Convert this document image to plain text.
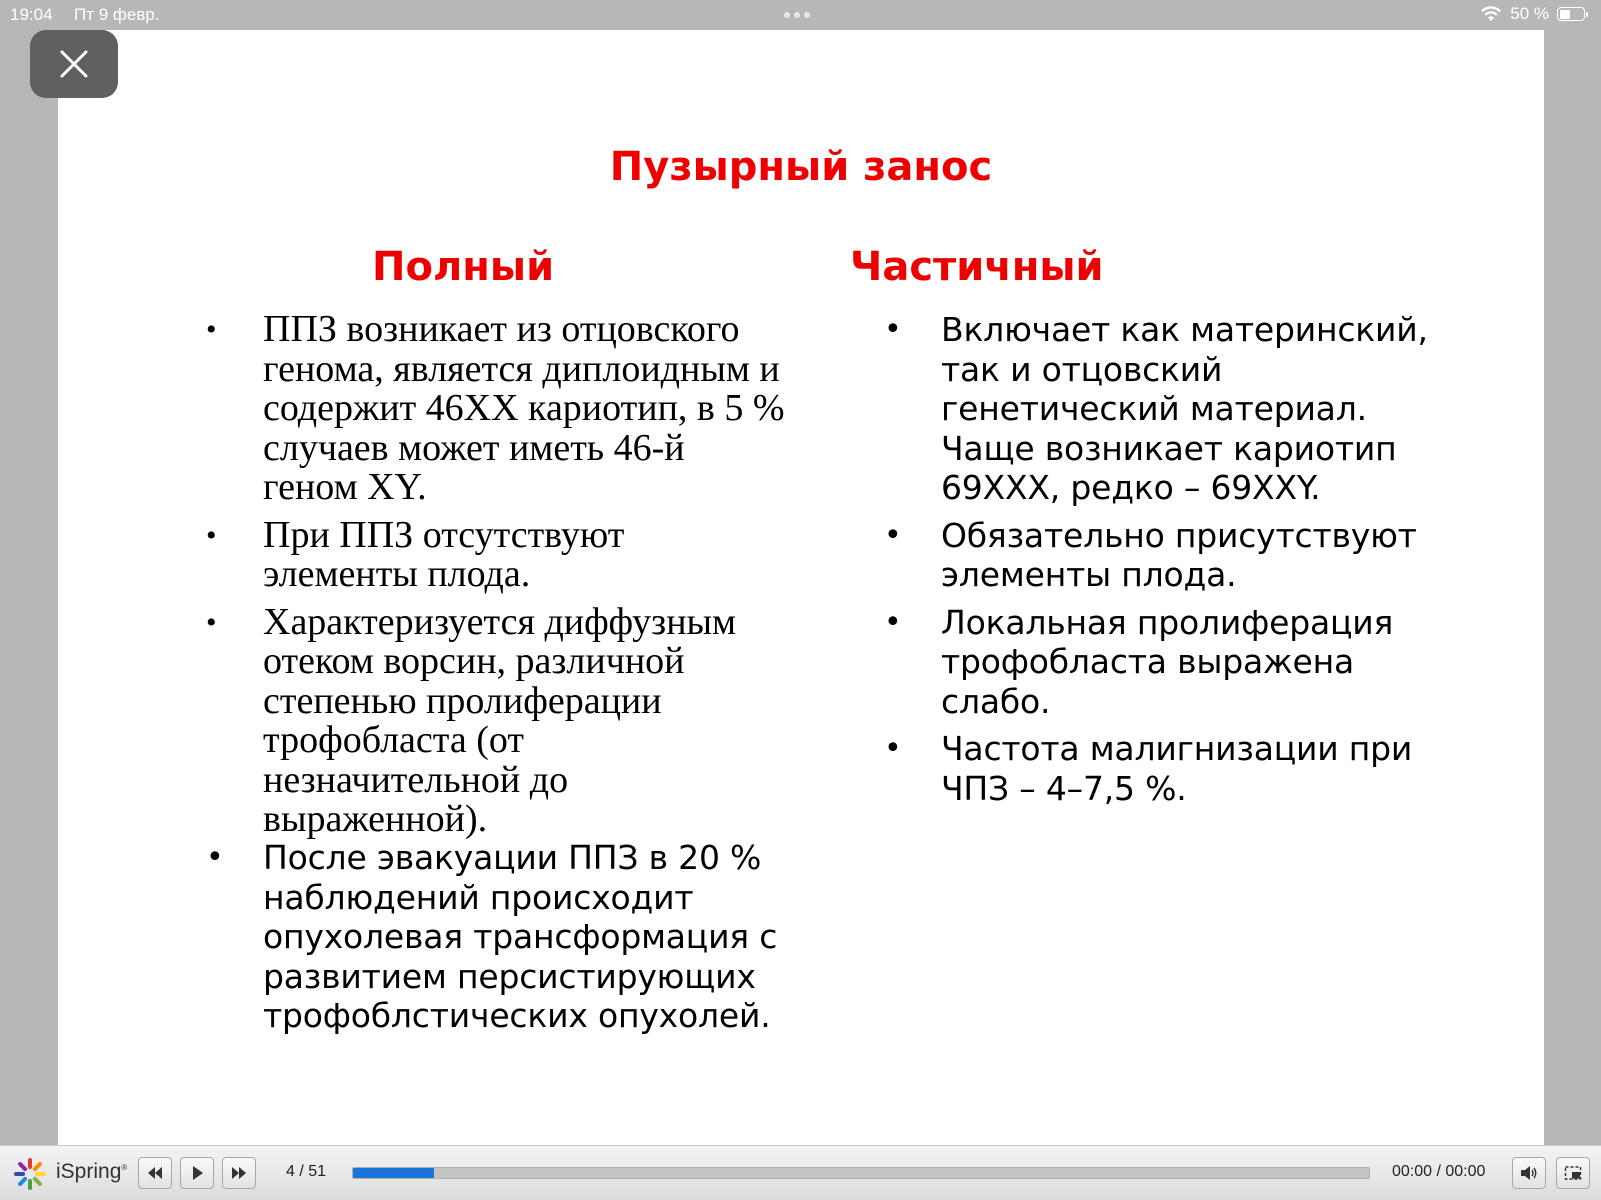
19:04 Пт 9 февр.	50 %
Пузырный занос
Полный	Частичный
• ППЗ возникает из отцовского генома, является диплоидным и содержит 46XX кариотип, в 5 % случаев может иметь 46-й геном XY.
• При ППЗ отсутствуют элементы плода.
• Характеризуется диффузным отеком ворсин, различной степенью пролиферации трофобласта (от незначительной до выраженной).
• После эвакуации ППЗ в 20 % наблюдений происходит опухолевая трансформация с развитием персистирующих трофоблстических опухолей.
• Включает как материнский, так и отцовский генетический материал. Чаще возникает кариотип 69XXX, редко – 69XXY.
• Обязательно присутствуют элементы плода.
• Локальная пролиферация трофобласта выражена слабо.
• Частота малигнизации при ЧПЗ – 4–7,5 %.
iSpring®	4 / 51	00:00 / 00:00
